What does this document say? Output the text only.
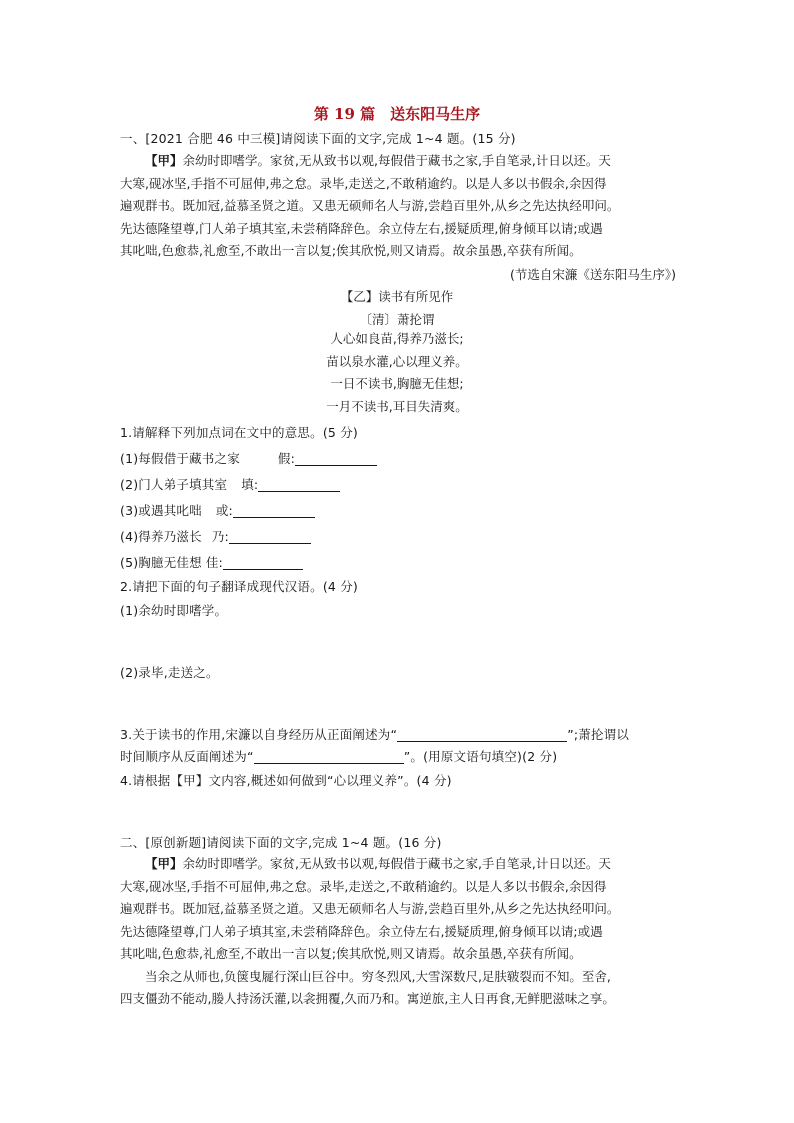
第 19 篇　送东阳马生序
一、[2021 合肥 46 中三模]请阅读下面的文字,完成 1~4 题。(15 分)

【甲】余幼时即嗜学。家贫,无从致书以观,每假借于藏书之家,手自笔录,计日以还。天

大寒,砚冰坚,手指不可屈伸,弗之怠。录毕,走送之,不敢稍逾约。以是人多以书假余,余因得

遍观群书。既加冠,益慕圣贤之道。又患无硕师名人与游,尝趋百里外,从乡之先达执经叩问。

先达德隆望尊,门人弟子填其室,未尝稍降辞色。余立侍左右,援疑质理,俯身倾耳以请;或遇

其叱咄,色愈恭,礼愈至,不敢出一言以复;俟其欣悦,则又请焉。故余虽愚,卒获有所闻。

(节选自宋濂《送东阳马生序》)
【乙】读书有所见作
〔清〕萧抡谓
人心如良苗,得养乃滋长;
苗以泉水灌,心以理义养。
一日不读书,胸臆无佳想;
一月不读书,耳目失清爽。
1.请解释下列加点词在文中的意思。(5 分)
(1)每假借于藏书之家	假:
(2)门人弟子填其室 填:
(3)或遇其叱咄 或:
(4)得养乃滋长 乃:
(5)胸臆无佳想 佳:
2.请把下面的句子翻译成现代汉语。(4 分)
(1)余幼时即嗜学。
(2)录毕,走送之。
3.关于读书的作用,宋濂以自身经历从正面阐述为“	”;萧抡谓以
时间顺序从反面阐述为“	”。(用原文语句填空)(2 分)
4.请根据【甲】文内容,概述如何做到“心以理义养”。(4 分)
二、[原创新题]请阅读下面的文字,完成 1~4 题。(16 分)

【甲】余幼时即嗜学。家贫,无从致书以观,每假借于藏书之家,手自笔录,计日以还。天

大寒,砚冰坚,手指不可屈伸,弗之怠。录毕,走送之,不敢稍逾约。以是人多以书假余,余因得

遍观群书。既加冠,益慕圣贤之道。又患无硕师名人与游,尝趋百里外,从乡之先达执经叩问。

先达德隆望尊,门人弟子填其室,未尝稍降辞色。余立侍左右,援疑质理,俯身倾耳以请;或遇

其叱咄,色愈恭,礼愈至,不敢出一言以复;俟其欣悦,则又请焉。故余虽愚,卒获有所闻。

当余之从师也,负箧曳屣行深山巨谷中。穷冬烈风,大雪深数尺,足肤皲裂而不知。至舍,

四支僵劲不能动,媵人持汤沃灌,以衾拥覆,久而乃和。寓逆旅,主人日再食,无鲜肥滋味之享。
